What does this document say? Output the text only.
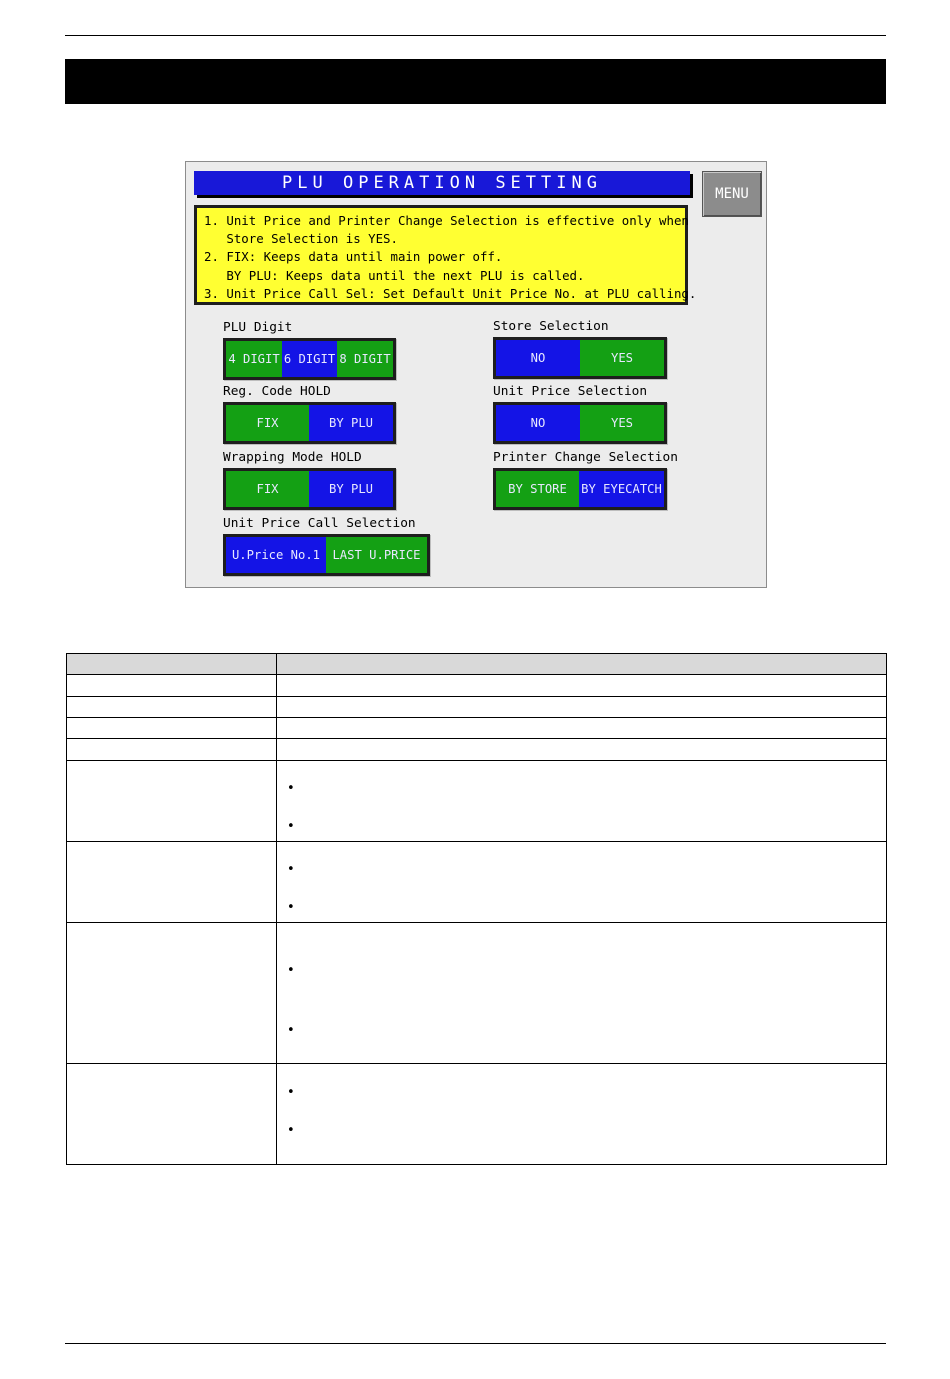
PLU OPERATION SETTING
MENU
1. Unit Price and Printer Change Selection is effective only when
Store Selection is YES.
2. FIX: Keeps data until main power off.
BY PLU: Keeps data until the next PLU is called.
3. Unit Price Call Sel: Set Default Unit Price No. at PLU calling.
PLU Digit
4 DIGIT 6 DIGIT 8 DIGIT
Reg. Code HOLD
FIX	BY PLU
Wrapping Mode HOLD
FIX	BY PLU
Unit Price Call Selection
U.Price No.1	LAST U.PRICE
Store Selection
NO	YES
Unit Price Selection
NO	YES
Printer Change Selection
BY STORE	BY EYECATCH

	•
•

	•
•

	•
•

	•
•
